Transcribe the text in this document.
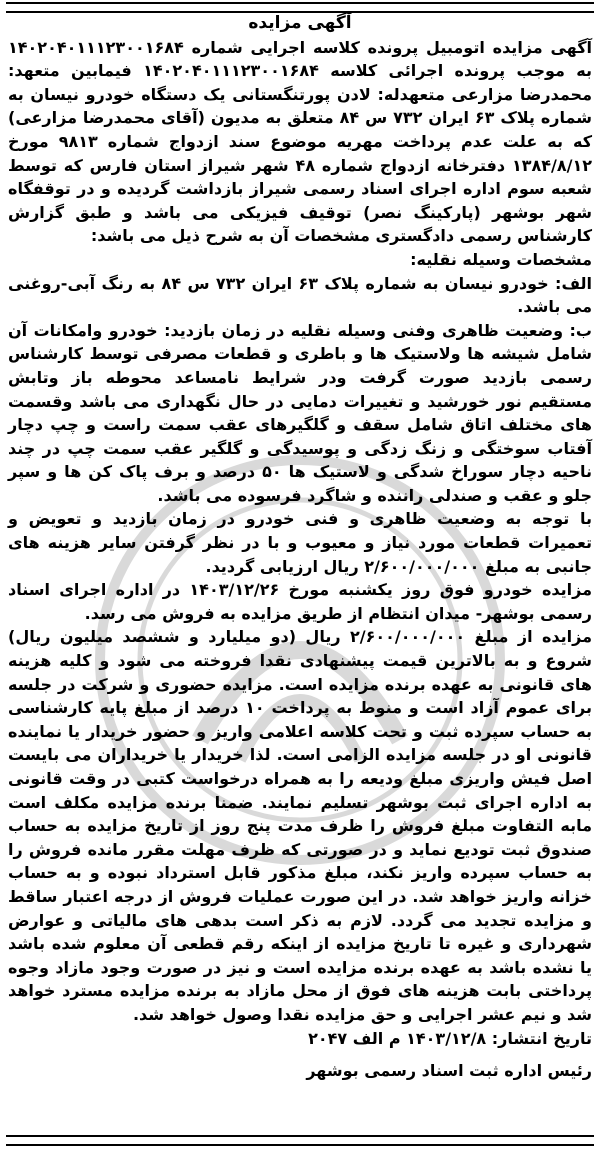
آگهی مزایده

آگهی مزایده اتومبیل پرونده کلاسه اجرایی شماره ۱۴۰۲۰۴۰۱۱۱۲۳۰۰۱۶۸۴ به موجب پرونده اجرائی کلاسه ۱۴۰۲۰۴۰۱۱۱۲۳۰۰۱۶۸۴ فیمابین متعهد: محمدرضا مزارعی متعهدله: لادن پورتنگستانی یک دستگاه خودرو نیسان به شماره پلاک ۶۳ ایران ۷۳۲ س ۸۴ متعلق به مدیون (آقای محمدرضا مزارعی) که به علت عدم پرداخت مهریه موضوع سند ازدواج شماره ۹۸۱۳ مورخ ۱۳۸۴/۸/۱۲ دفترخانه ازدواج شماره ۴۸ شهر شیراز استان فارس که توسط شعبه سوم اداره اجرای اسناد رسمی شیراز بازداشت گردیده و در توقفگاه شهر بوشهر (پارکینگ نصر) توقیف فیزیکی می باشد و طبق گزارش کارشناس رسمی دادگستری مشخصات آن به شرح ذیل می باشد:

مشخصات وسیله نقلیه:

الف: خودرو نیسان به شماره پلاک ۶۳ ایران ۷۳۲ س ۸۴ به رنگ آبی-روغنی می باشد.

ب: وضعیت ظاهری وفنی وسیله نقلیه در زمان بازدید: خودرو وامکانات آن شامل شیشه ها ولاستیک ها و باطری و قطعات مصرفی توسط کارشناس رسمی بازدید صورت گرفت ودر شرایط نامساعد محوطه باز وتابش مستقیم نور خورشید و تغییرات دمایی در حال نگهداری می باشد وقسمت های مختلف اتاق شامل سقف و گلگیرهای عقب سمت راست و چپ دچار آفتاب سوختگی و زنگ زدگی و پوسیدگی و گلگیر عقب سمت چپ در چند ناحیه دچار سوراخ شدگی و لاستیک ها ۵۰ درصد و برف پاک کن ها و سپر جلو و عقب و صندلی راننده و شاگرد فرسوده می باشد.

با توجه به وضعیت ظاهری و فنی خودرو در زمان بازدید و تعویض و تعمیرات قطعات مورد نیاز و معیوب و با در نظر گرفتن سایر هزینه های جانبی به مبلغ ۲/۶۰۰/۰۰۰/۰۰۰ ریال ارزیابی گردید.

مزایده خودرو فوق روز یکشنبه مورخ ۱۴۰۳/۱۲/۲۶ در اداره اجرای اسناد رسمی بوشهر- میدان انتظام از طریق مزایده به فروش می رسد.

مزایده از مبلغ ۲/۶۰۰/۰۰۰/۰۰۰ ریال (دو میلیارد و ششصد میلیون ریال) شروع و به بالاترین قیمت پیشنهادی نقدا فروخته می شود و کلیه هزینه های قانونی به عهده برنده مزایده است. مزایده حضوری و شرکت در جلسه برای عموم آزاد است و منوط به پرداخت ۱۰ درصد از مبلغ پایه کارشناسی به حساب سپرده ثبت و تحت کلاسه اعلامی واریز و حضور خریدار یا نماینده قانونی او در جلسه مزایده الزامی است. لذا خریدار یا خریداران می بایست اصل فیش واریزی مبلغ ودیعه را به همراه درخواست کتبی در وقت قانونی به اداره اجرای ثبت بوشهر تسلیم نمایند. ضمنا برنده مزایده مکلف است مابه التفاوت مبلغ فروش را ظرف مدت پنج روز از تاریخ مزایده به حساب صندوق ثبت تودیع نماید و در صورتی که ظرف مهلت مقرر مانده فروش را به حساب سپرده واریز نکند، مبلغ مذکور قابل استرداد نبوده و به حساب خزانه واریز خواهد شد. در این صورت عملیات فروش از درجه اعتبار ساقط و مزایده تجدید می گردد. لازم به ذکر است بدهی های مالیاتی و عوارض شهرداری و غیره تا تاریخ مزایده از اینکه رقم قطعی آن معلوم شده باشد یا نشده باشد به عهده برنده مزایده است و نیز در صورت وجود مازاد وجوه پرداختی بابت هزینه های فوق از محل مازاد به برنده مزایده مسترد خواهد شد و نیم عشر اجرایی و حق مزایده نقدا وصول خواهد شد.

تاریخ انتشار: ۱۴۰۳/۱۲/۸ م الف ۲۰۴۷

رئیس اداره ثبت اسناد رسمی بوشهر
